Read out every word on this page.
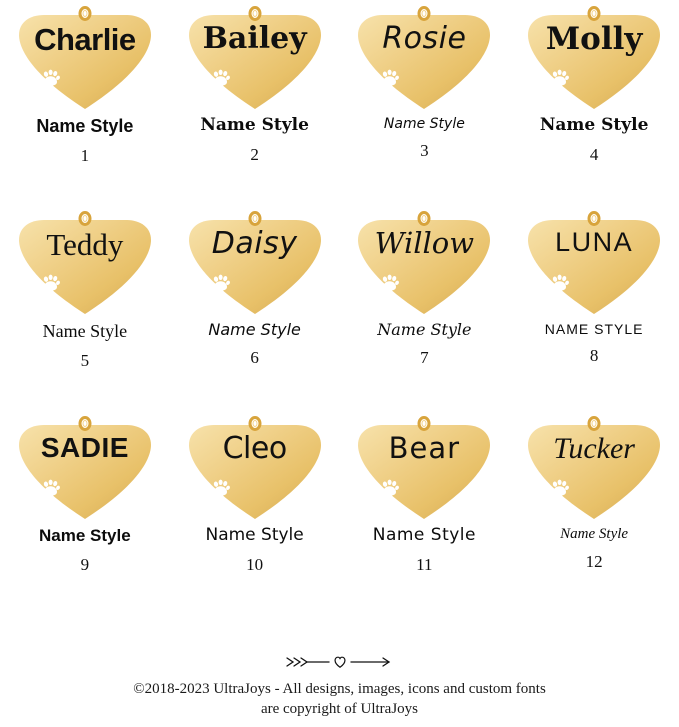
Charlie
Name Style
1
Bailey
Name Style
2
Rosie
Name Style
3
Molly
Name Style
4
Teddy
Name Style
5
Daisy
Name Style
6
Willow
Name Style
7
LUNA
NAME STYLE
8
SADIE
Name Style
9
Cleo
Name Style
10
Bear
Name Style
11
Tucker
Name Style
12
©2018-2023 UltraJoys - All designs, images, icons and custom fonts
are copyright of UltraJoys
